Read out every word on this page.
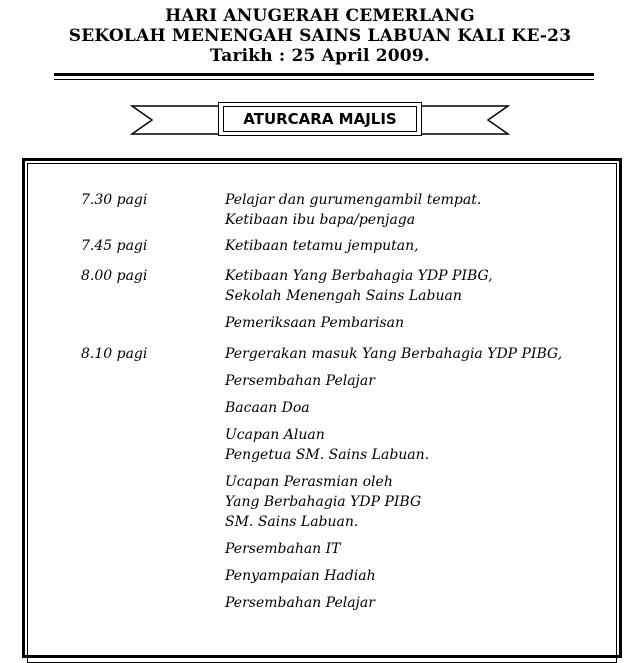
HARI ANUGERAH CEMERLANG
SEKOLAH MENENGAH SAINS LABUAN KALI KE-23
Tarikh : 25 April 2009.
ATURCARA MAJLIS
7.30 pagi	Pelajar dan gurumengambil tempat.
Ketibaan ibu bapa/penjaga
7.45 pagi	Ketibaan tetamu jemputan,
8.00 pagi	Ketibaan Yang Berbahagia YDP PIBG,
Sekolah Menengah Sains Labuan
Pemeriksaan Pembarisan
8.10 pagi	Pergerakan masuk Yang Berbahagia YDP PIBG,
Persembahan Pelajar
Bacaan Doa
Ucapan Aluan
Pengetua SM. Sains Labuan.
Ucapan Perasmian oleh
Yang Berbahagia YDP PIBG
SM. Sains Labuan.
Persembahan IT
Penyampaian Hadiah
Persembahan Pelajar
